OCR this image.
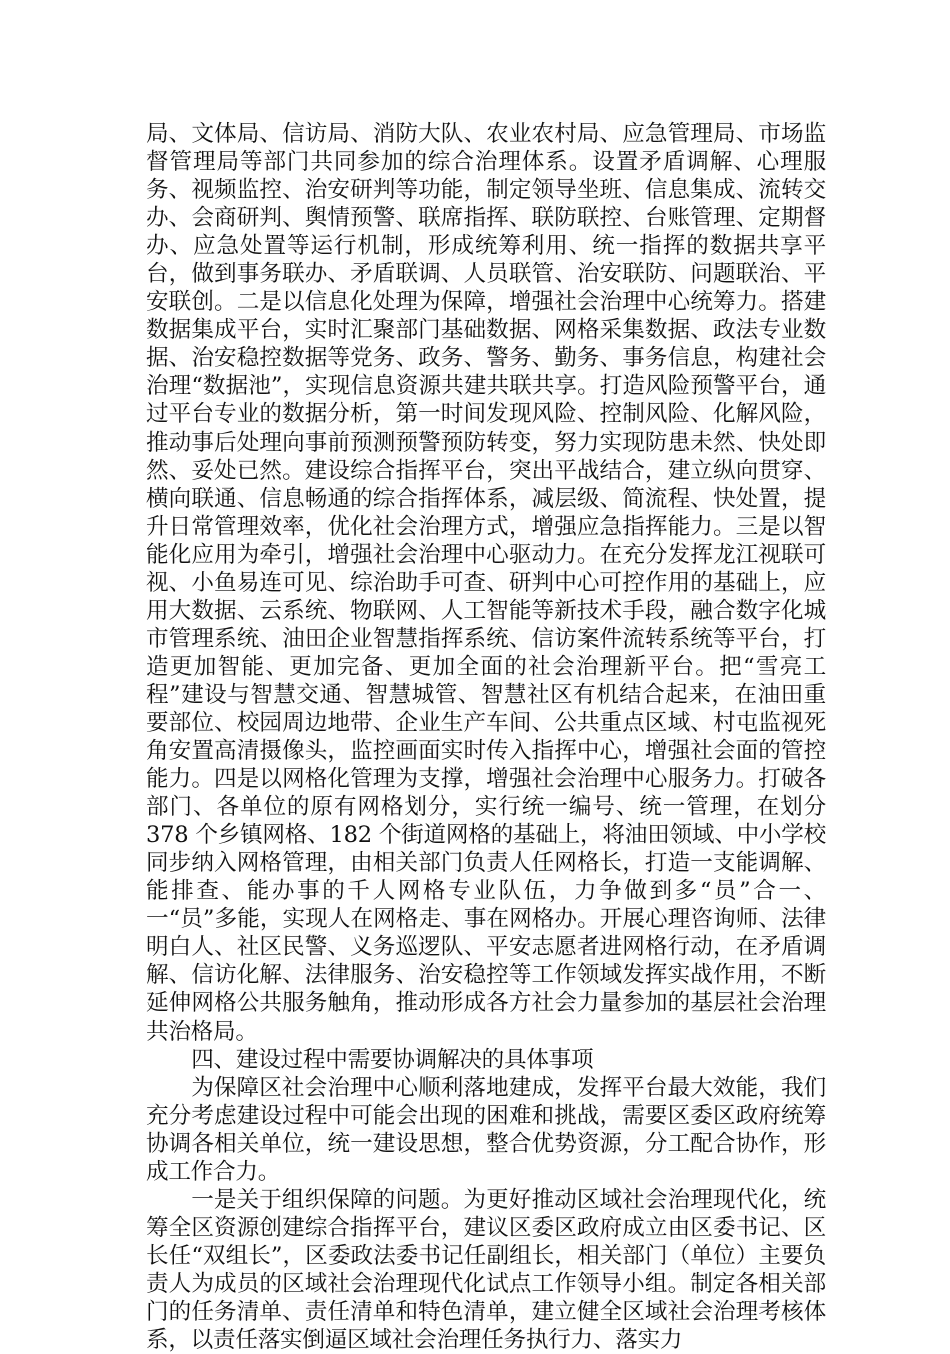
局、文体局、信访局、消防大队、农业农村局、应急管理局、市场监督管理局等部门共同参加的综合治理体系。设置矛盾调解、心理服务、视频监控、治安研判等功能，制定领导坐班、信息集成、流转交办、会商研判、舆情预警、联席指挥、联防联控、台账管理、定期督办、应急处置等运行机制，形成统筹利用、统一指挥的数据共享平台，做到事务联办、矛盾联调、人员联管、治安联防、问题联治、平安联创。二是以信息化处理为保障，增强社会治理中心统筹力。搭建数据集成平台，实时汇聚部门基础数据、网格采集数据、政法专业数据、治安稳控数据等党务、政务、警务、勤务、事务信息，构建社会治理“数据池”，实现信息资源共建共联共享。打造风险预警平台，通过平台专业的数据分析，第一时间发现风险、控制风险、化解风险，推动事后处理向事前预测预警预防转变，努力实现防患未然、快处即然、妥处已然。建设综合指挥平台，突出平战结合，建立纵向贯穿、横向联通、信息畅通的综合指挥体系，减层级、简流程、快处置，提升日常管理效率，优化社会治理方式，增强应急指挥能力。三是以智能化应用为牵引，增强社会治理中心驱动力。在充分发挥龙江视联可视、小鱼易连可见、综治助手可查、研判中心可控作用的基础上，应用大数据、云系统、物联网、人工智能等新技术手段，融合数字化城市管理系统、油田企业智慧指挥系统、信访案件流转系统等平台，打造更加智能、更加完备、更加全面的社会治理新平台。把“雪亮工程”建设与智慧交通、智慧城管、智慧社区有机结合起来，在油田重要部位、校园周边地带、企业生产车间、公共重点区域、村屯监视死角安置高清摄像头，监控画面实时传入指挥中心，增强社会面的管控能力。四是以网格化管理为支撑，增强社会治理中心服务力。打破各部门、各单位的原有网格划分，实行统一编号、统一管理，在划分 378 个乡镇网格、182 个街道网格的基础上，将油田领域、中小学校同步纳入网格管理，由相关部门负责人任网格长，打造一支能调解、能排查、能办事的千人网格专业队伍，力争做到多“员”合一、一“员”多能，实现人在网格走、事在网格办。开展心理咨询师、法律明白人、社区民警、义务巡逻队、平安志愿者进网格行动，在矛盾调解、信访化解、法律服务、治安稳控等工作领域发挥实战作用，不断延伸网格公共服务触角，推动形成各方社会力量参加的基层社会治理共治格局。

四、建设过程中需要协调解决的具体事项

为保障区社会治理中心顺利落地建成，发挥平台最大效能，我们充分考虑建设过程中可能会出现的困难和挑战，需要区委区政府统筹协调各相关单位，统一建设思想，整合优势资源，分工配合协作，形成工作合力。

一是关于组织保障的问题。为更好推动区域社会治理现代化，统筹全区资源创建综合指挥平台，建议区委区政府成立由区委书记、区长任“双组长”，区委政法委书记任副组长，相关部门（单位）主要负责人为成员的区域社会治理现代化试点工作领导小组。制定各相关部门的任务清单、责任清单和特色清单，建立健全区域社会治理考核体系，以责任落实倒逼区域社会治理任务执行力、落实力
